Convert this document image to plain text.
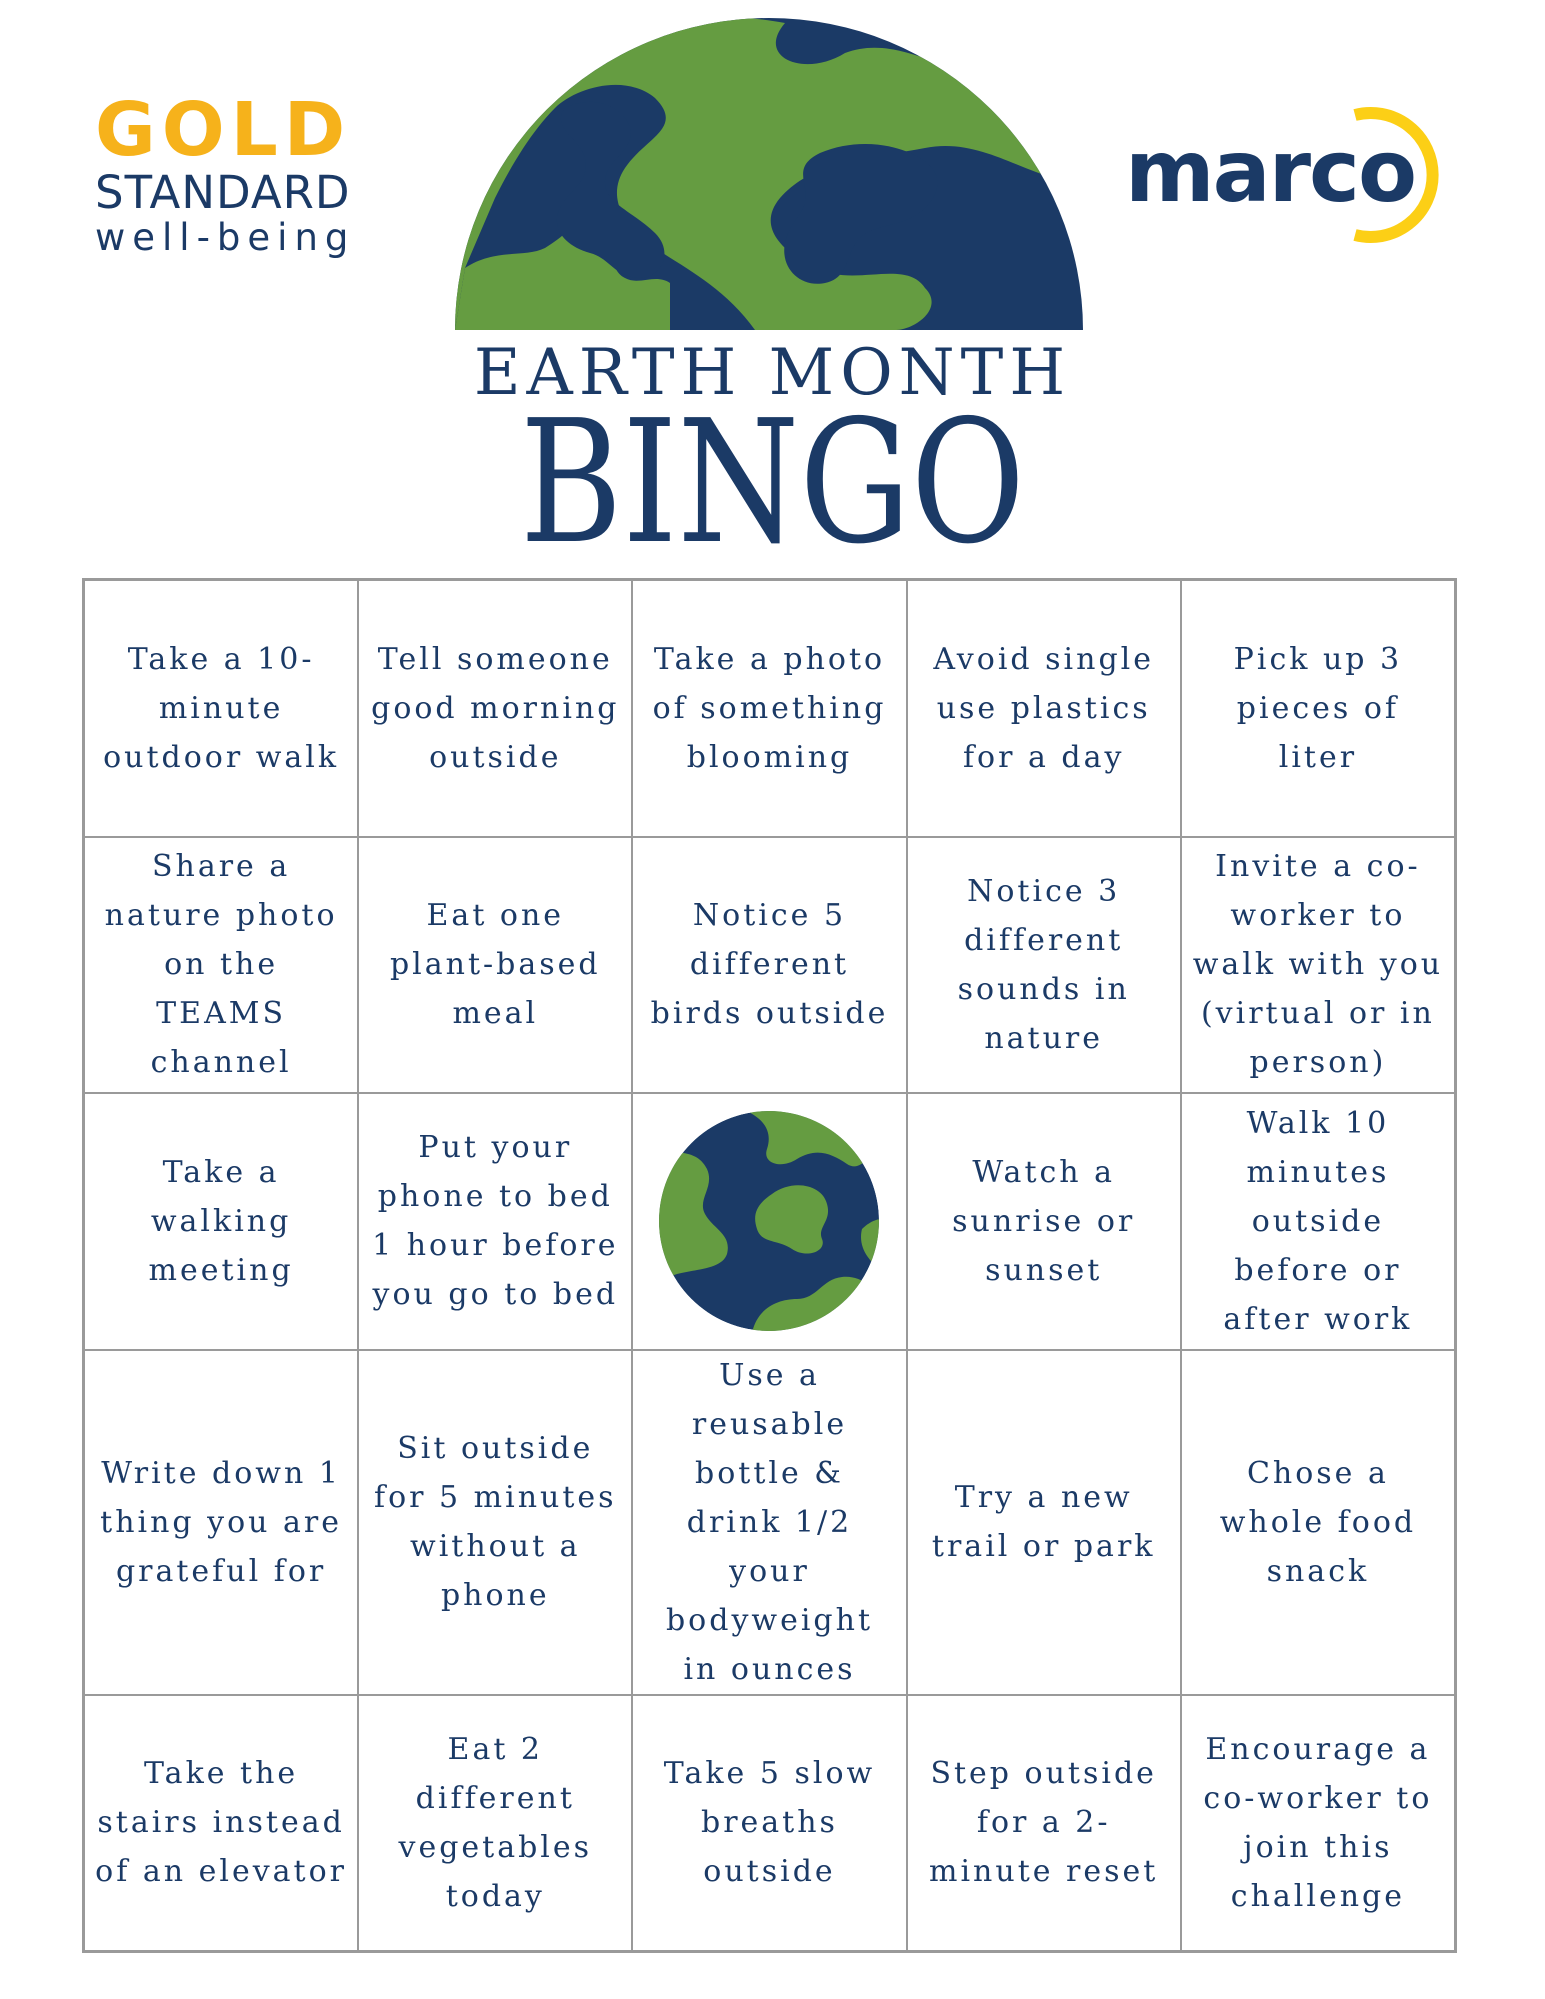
GOLD
STANDARD
well-being
marco
EARTH MONTH
BINGO
Take a 10-minute outdoor walk
Tell someone good morning outside
Take a photo of something blooming
Avoid single use plastics for a day
Pick up 3 pieces of liter
Share a nature photo on the TEAMS channel
Eat one plant-based meal
Notice 5 different birds outside
Notice 3 different sounds in nature
Invite a co-worker to walk with you (virtual or in person)
Take a walking meeting
Put your phone to bed 1 hour before you go to bed
Watch a sunrise or sunset
Walk 10 minutes outside before or after work
Write down 1 thing you are grateful for
Sit outside for 5 minutes without a phone
Use a reusable bottle & drink 1/2 your bodyweight in ounces
Try a new trail or park
Chose a whole food snack
Take the stairs instead of an elevator
Eat 2 different vegetables today
Take 5 slow breaths outside
Step outside for a 2-minute reset
Encourage a co-worker to join this challenge
